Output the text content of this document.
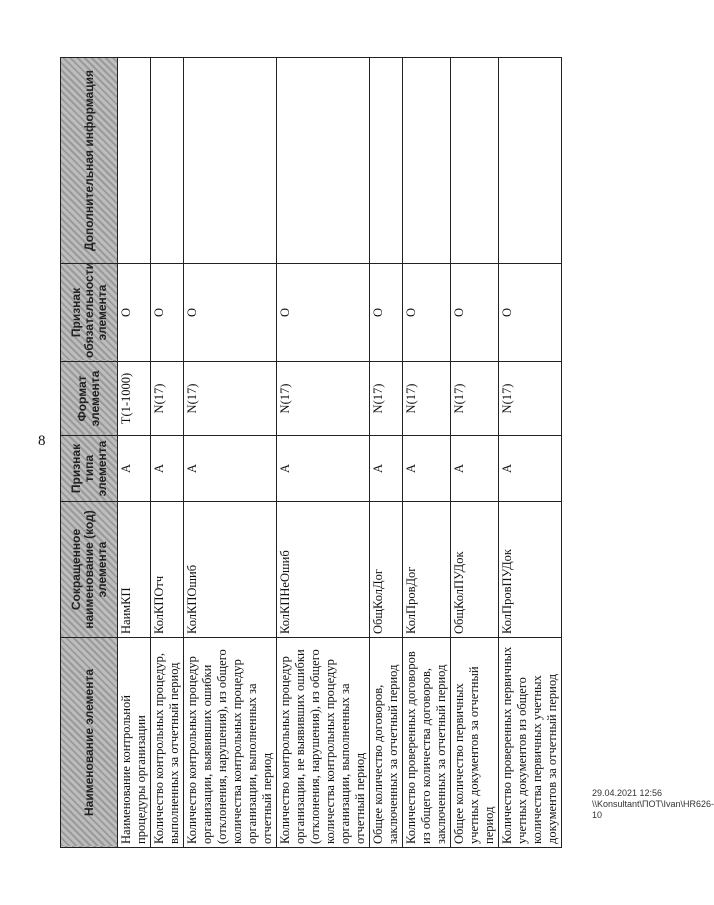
8
Наименование элемента	Сокращенное наименование (код) элемента	Признак типа элемента	Формат элемента	Признак обязательности элемента	Дополнительная информация
Наименование контрольной процедуры организации	НаимКП	А	T(1-1000)	О	
Количество контрольных процедур, выполненных за отчетный период	КолКПОтч	А	N(17)	О	
Количество контрольных процедур организации, выявивших ошибки (отклонения, нарушения), из общего количества контрольных процедур организации, выполненных за отчетный период	КолКПОшиб	А	N(17)	О	
Количество контрольных процедур организации, не выявивших ошибки (отклонения, нарушения), из общего количества контрольных процедур организации, выполненных за отчетный период	КолКПНеОшиб	А	N(17)	О	
Общее количество договоров, заключенных за отчетный период	ОбщКолДог	А	N(17)	О	
Количество проверенных договоров из общего количества договоров, заключенных за отчетный период	КолПровДог	А	N(17)	О	
Общее количество первичных учетных документов за отчетный период	ОбщКолПУДок	А	N(17)	О	
Количество проверенных первичных учетных документов из общего количества первичных учетных документов за отчетный период	КолПровПУДок	А	N(17)	О	
29.04.2021 12:56
\\Konsultant\ПОТ\Ivan\HR626-10
